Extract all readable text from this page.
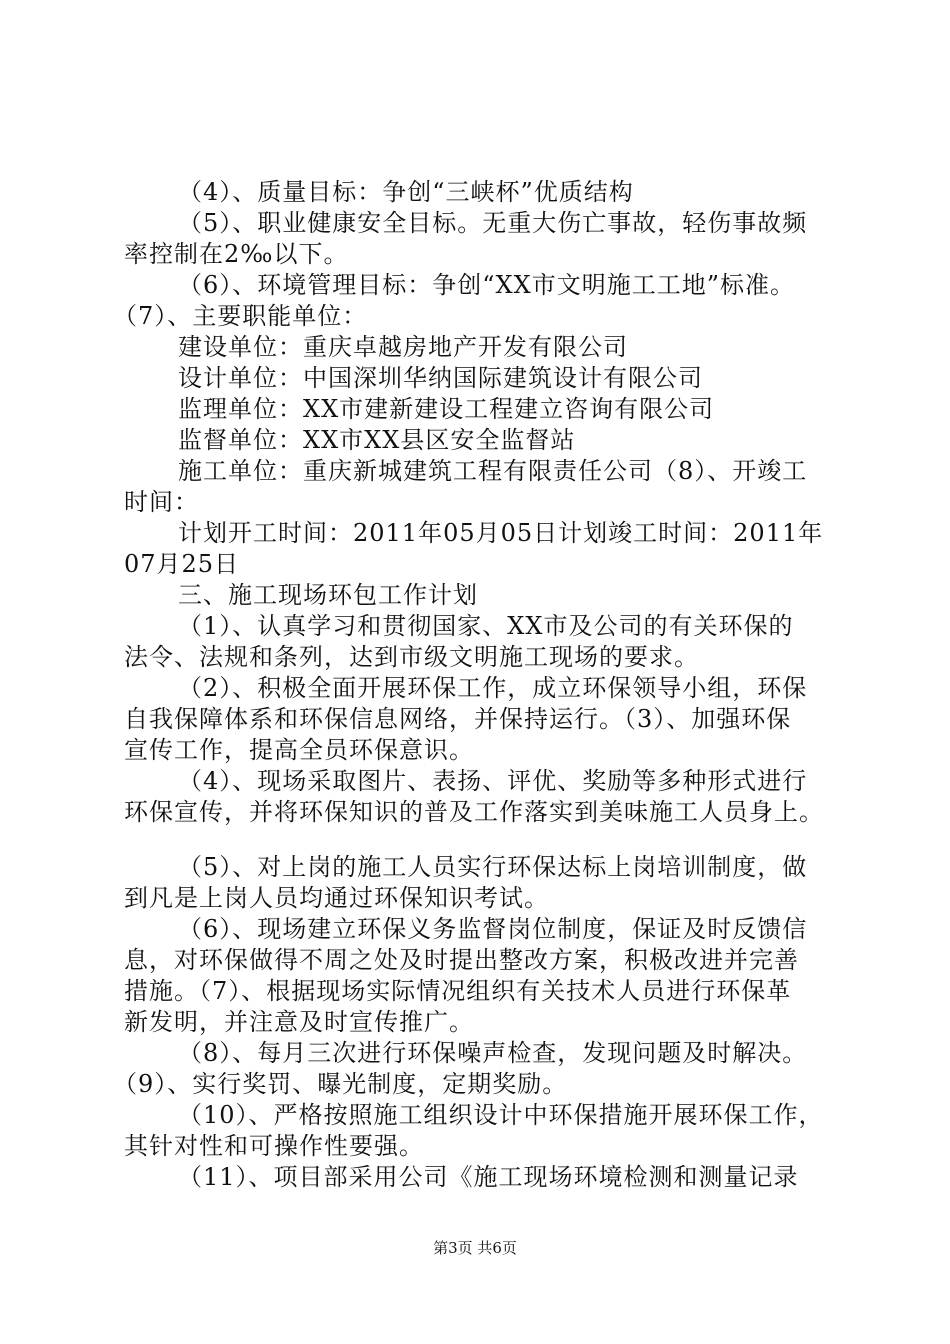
（4）、质量目标：争创“三峡杯”优质结构
（5）、职业健康安全目标。无重大伤亡事故，轻伤事故频
率控制在2‰以下。
（6）、环境管理目标：争创“XX市文明施工工地”标准。
（7）、主要职能单位：
建设单位：重庆卓越房地产开发有限公司
设计单位：中国深圳华纳国际建筑设计有限公司
监理单位：XX市建新建设工程建立咨询有限公司
监督单位：XX市XX县区安全监督站
施工单位：重庆新城建筑工程有限责任公司（8）、开竣工
时间：
计划开工时间：2011年05月05日计划竣工时间：2011年
07月25日
三、施工现场环包工作计划
（1）、认真学习和贯彻国家、XX市及公司的有关环保的
法令、法规和条列，达到市级文明施工现场的要求。
（2）、积极全面开展环保工作，成立环保领导小组，环保
自我保障体系和环保信息网络，并保持运行。（3）、加强环保
宣传工作，提高全员环保意识。
（4）、现场采取图片、表扬、评优、奖励等多种形式进行
环保宣传，并将环保知识的普及工作落实到美味施工人员身上。
（5）、对上岗的施工人员实行环保达标上岗培训制度，做
到凡是上岗人员均通过环保知识考试。
（6）、现场建立环保义务监督岗位制度，保证及时反馈信
息，对环保做得不周之处及时提出整改方案，积极改进并完善
措施。（7）、根据现场实际情况组织有关技术人员进行环保革
新发明，并注意及时宣传推广。
（8）、每月三次进行环保噪声检查，发现问题及时解决。
（9）、实行奖罚、曝光制度，定期奖励。
（10）、严格按照施工组织设计中环保措施开展环保工作，
其针对性和可操作性要强。
（11）、项目部采用公司《施工现场环境检测和测量记录
第3页 共6页
